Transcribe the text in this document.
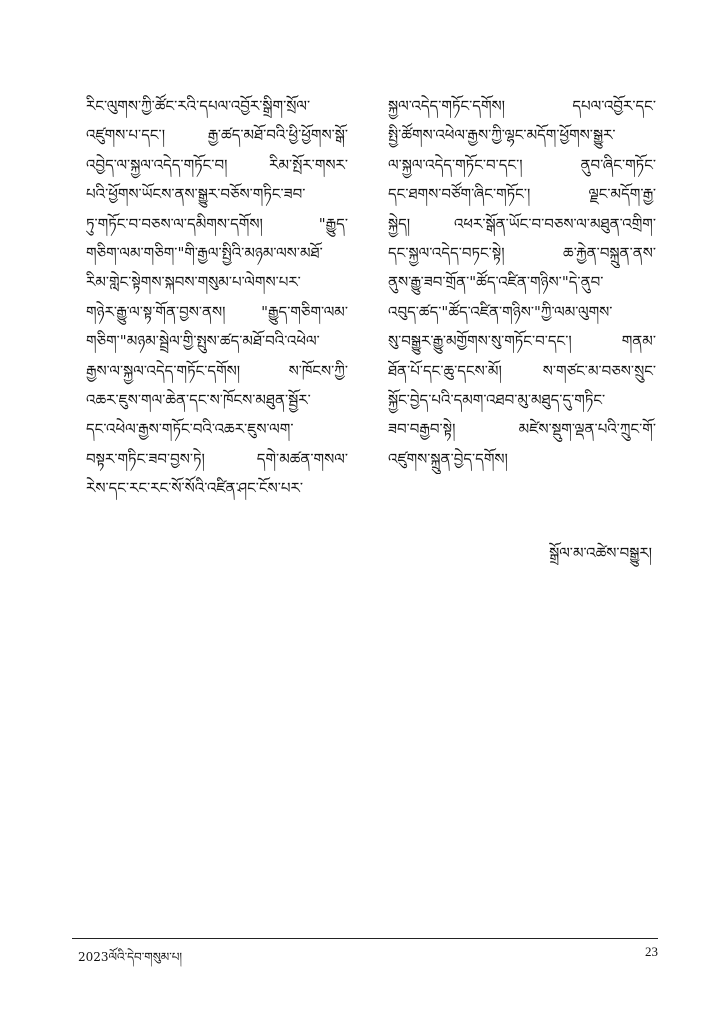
རིང་ལུགས་ཀྱི་ཚོང་རའི་དཔལ་འབྱོར་སྒྲིག་སྲོལ་
འཛུགས་པ་དང་། རྒྱ་ཚད་མཐོ་བའི་ཕྱི་ཕྱོགས་སྒོ་
འབྱེད་ལ་སྐྱལ་འདེད་གཏོང་བ། རིམ་སྤོར་གསར་
པའི་ཕྱོགས་ཡོངས་ནས་སྒྱུར་བཅོས་གཏིང་ཟབ་
ཏུ་གཏོང་བ་བཅས་ལ་དམིགས་དགོས། "རྒྱུད་
གཅིག་ལམ་གཅིག་"གི་རྒྱལ་སྤྱིའི་མཉམ་ལས་མཐོ་
རིམ་གླེང་སྟེགས་སྐབས་གསུམ་པ་ལེགས་པར་
གཉེར་རྒྱུ་ལ་སྟ་གོན་བྱས་ནས། "རྒྱུད་གཅིག་ལམ་
གཅིག་"མཉམ་སྦྲེལ་གྱི་སྤུས་ཚད་མཐོ་བའི་འཕེལ་
རྒྱས་ལ་སྐྱལ་འདེད་གཏོང་དགོས། ས་ཁོངས་ཀྱི་
འཆར་ཇུས་གལ་ཆེན་དང་ས་ཁོངས་མཐུན་སྦྱོར་
དང་འཕེལ་རྒྱས་གཏོང་བའི་འཆར་ཇུས་ལག་
བསྟར་གཏིང་ཟབ་བྱས་ཏེ། དགེ་མཚན་གསལ་
རེས་དང་རང་རང་སོ་སོའི་འཛིན་ཤང་ངོས་པར་
སྐྱལ་འདེད་གཏོང་དགོས། དཔལ་འབྱོར་དང་
སྤྱི་ཚོགས་འཕེལ་རྒྱས་ཀྱི་ལྷང་མདོག་ཕྱོགས་སྒྱུར་
ལ་སྐྱལ་འདེད་གཏོང་བ་དང་། ནུབ་ཞིང་གཏོང་
དང་ཐགས་བཙོག་ཞིང་གཏོང་། ལྗང་མདོག་རྒྱ་
སྐྱེད། འཕར་སྒོན་ཡོང་བ་བཅས་ལ་མཐུན་འགྲིག་
དང་སྐྱལ་འདེད་བཏང་སྟེ། ཆ་རྐྱེན་བསྐྲུན་ནས་
ནུས་རྒྱུ་ཟབ་གྲོན་"ཚོད་འཛིན་གཉིས་"དེ་ནུབ་
འབུད་ཚད་"ཚོད་འཛིན་གཉིས་"ཀྱི་ལམ་ལུགས་
སུ་བསྒྱུར་རྒྱུ་མགྱོགས་སུ་གཏོང་བ་དང་། གནམ་
ཐོན་པོ་དང་ཆུ་དངས་མོ། ས་གཙང་མ་བཅས་སྲུང་
སྐྱོང་བྱེད་པའི་དམག་འཐབ་མུ་མཐུད་དུ་གཏིང་
ཟབ་བརྒྱབ་སྟེ། མཛེས་སྡུག་ལྡན་པའི་ཀྲུང་གོ་
འཛུགས་སྐྲུན་བྱེད་དགོས།
སྒྲོལ་མ་འཚེས་བསྒྱུར།
2023ལོའི་དེབ་གསུམ་པ།	23
